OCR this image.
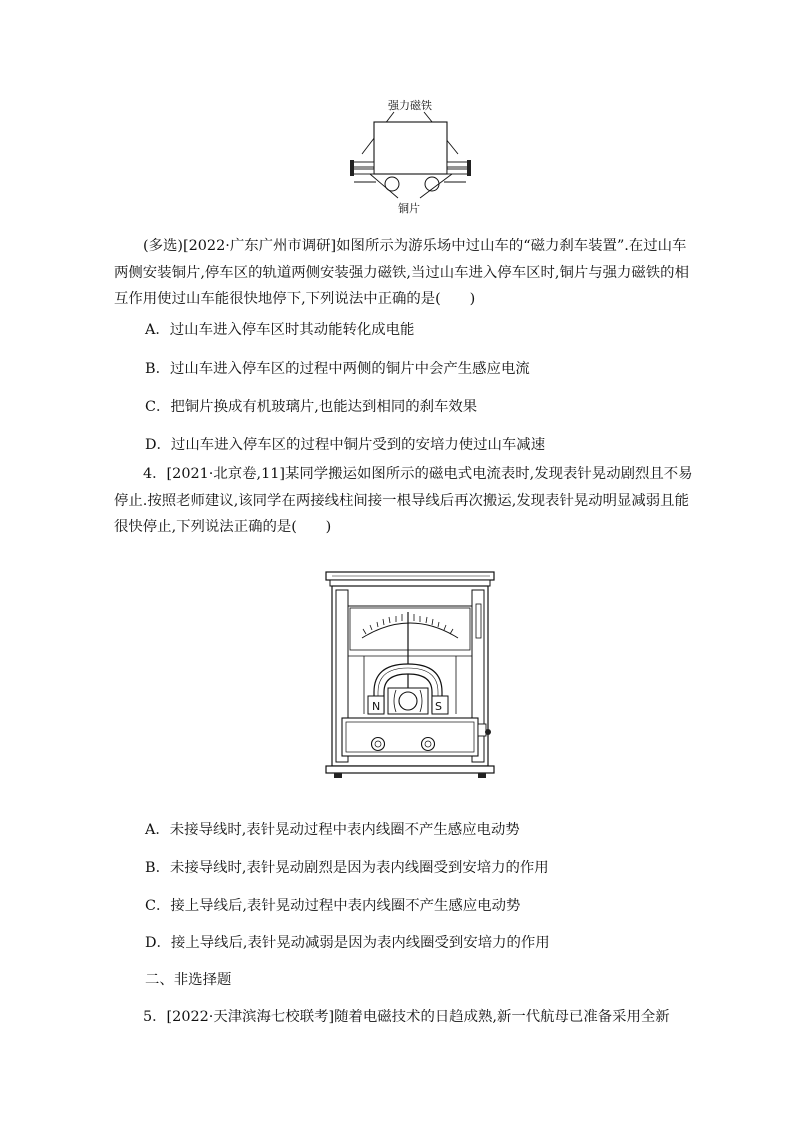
强力磁铁
铜片
(多选)[2022·广东广州市调研]如图所示为游乐场中过山车的“磁力刹车装置”.在过山车两侧安装铜片,停车区的轨道两侧安装强力磁铁,当过山车进入停车区时,铜片与强力磁铁的相互作用使过山车能很快地停下,下列说法中正确的是(　　)
A．过山车进入停车区时其动能转化成电能
B．过山车进入停车区的过程中两侧的铜片中会产生感应电流
C．把铜片换成有机玻璃片,也能达到相同的刹车效果
D．过山车进入停车区的过程中铜片受到的安培力使过山车减速
4．[2021·北京卷,11]某同学搬运如图所示的磁电式电流表时,发现表针晃动剧烈且不易停止.按照老师建议,该同学在两接线柱间接一根导线后再次搬运,发现表针晃动明显减弱且能很快停止,下列说法正确的是(　　)
N	S
A．未接导线时,表针晃动过程中表内线圈不产生感应电动势
B．未接导线时,表针晃动剧烈是因为表内线圈受到安培力的作用
C．接上导线后,表针晃动过程中表内线圈不产生感应电动势
D．接上导线后,表针晃动减弱是因为表内线圈受到安培力的作用
二、非选择题
5．[2022·天津滨海七校联考]随着电磁技术的日趋成熟,新一代航母已准备采用全新
